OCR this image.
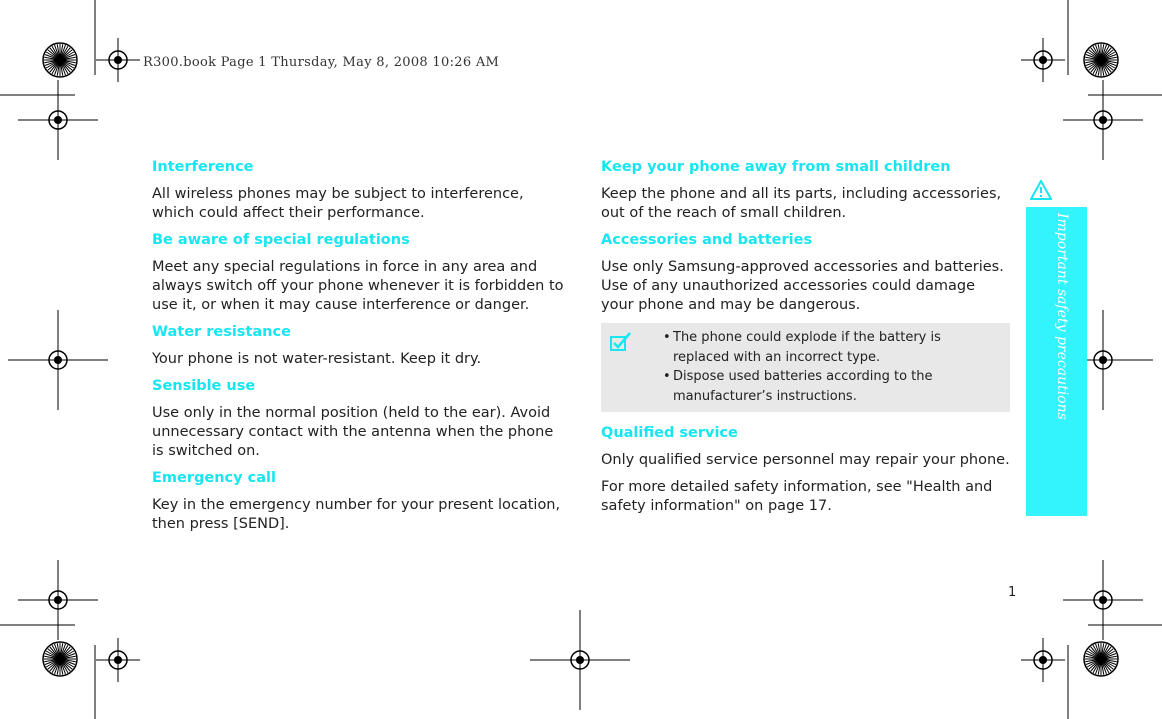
R300.book Page 1 Thursday, May 8, 2008 10:26 AM
Interference
All wireless phones may be subject to interference, which could affect their performance.
Be aware of special regulations
Meet any special regulations in force in any area and always switch off your phone whenever it is forbidden to use it, or when it may cause interference or danger.
Water resistance
Your phone is not water-resistant. Keep it dry.
Sensible use
Use only in the normal position (held to the ear). Avoid unnecessary contact with the antenna when the phone is switched on.
Emergency call
Key in the emergency number for your present location, then press [SEND].
Keep your phone away from small children
Keep the phone and all its parts, including accessories, out of the reach of small children.
Accessories and batteries
Use only Samsung-approved accessories and batteries. Use of any unauthorized accessories could damage your phone and may be dangerous.
• The phone could explode if the battery is replaced with an incorrect type.
• Dispose used batteries according to the manufacturer’s instructions.
Qualified service
Only qualified service personnel may repair your phone.
For more detailed safety information, see "Health and safety information" on page 17.
Important safety precautions
1
